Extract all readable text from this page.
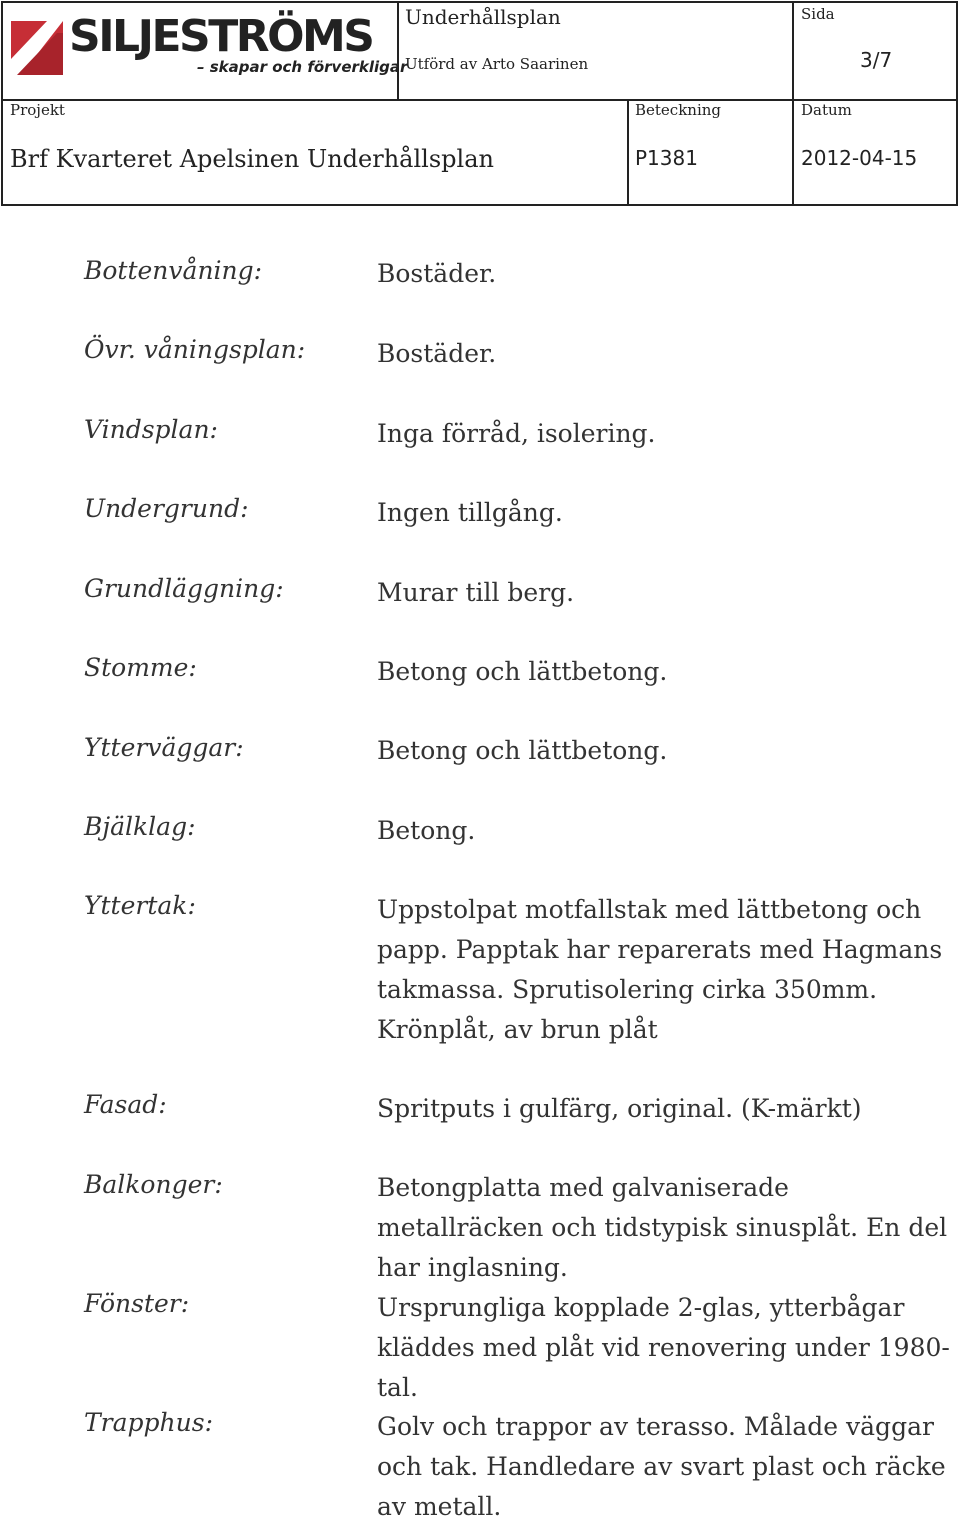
SILJESTRÖMS
– skapar och förverkligar
Underhållsplan
Utförd av Arto Saarinen
Sida
3/7
Projekt
Brf Kvarteret Apelsinen Underhållsplan
Beteckning
P1381
Datum
2012-04-15
Bottenvåning:	Bostäder.
Övr. våningsplan:	Bostäder.
Vindsplan:	Inga förråd, isolering.
Undergrund:	Ingen tillgång.
Grundläggning:	Murar till berg.
Stomme:	Betong och lättbetong.
Ytterväggar:	Betong och lättbetong.
Bjälklag:	Betong.
Yttertak:	Uppstolpat motfallstak med lättbetong och papp. Papptak har reparerats med Hagmans takmassa. Sprutisolering cirka 350mm. Krönplåt, av brun plåt
Fasad:	Spritputs i gulfärg, original. (K-märkt)
Balkonger:	Betongplatta med galvaniserade metallräcken och tidstypisk sinusplåt. En del har inglasning.
Fönster:	Ursprungliga kopplade 2-glas, ytterbågar kläddes med plåt vid renovering under 1980-tal.
Trapphus:	Golv och trappor av terasso. Målade väggar och tak. Handledare av svart plast och räcke av metall.
